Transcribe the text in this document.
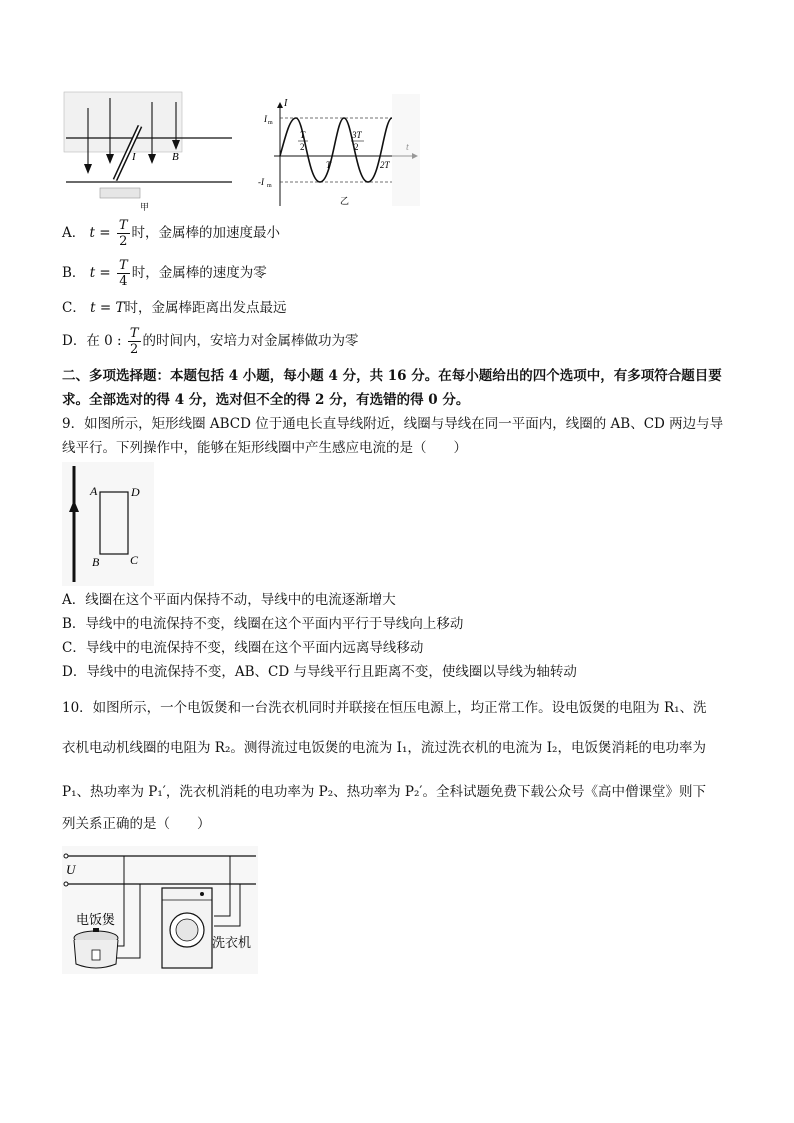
I	B
甲
I
I m
-I m
T
2
T
3T
2
2T
乙
A． $t = \frac{T}{2}$ 时，金属棒的加速度最小
B． $t = \frac{T}{4}$ 时，金属棒的速度为零
C． t = T时，金属棒距离出发点最远
D．在 0 : $\frac{T}{2}$ 的时间内，安培力对金属棒做功为零
二、多项选择题：本题包括 4 小题，每小题 4 分，共 16 分。在每小题给出的四个选项中，有多项符合题目要求。全部选对的得 4 分，选对但不全的得 2 分，有选错的得 0 分。
9．如图所示，矩形线圈 ABCD 位于通电长直导线附近，线圈与导线在同一平面内，线圈的 AB、CD 两边与导
线平行。下列操作中，能够在矩形线圈中产生感应电流的是（　　）
A	D
B	C
A．线圈在这个平面内保持不动，导线中的电流逐渐增大
B．导线中的电流保持不变，线圈在这个平面内平行于导线向上移动
C．导线中的电流保持不变，线圈在这个平面内远离导线移动
D．导线中的电流保持不变，AB、CD 与导线平行且距离不变，使线圈以导线为轴转动
10．如图所示，一个电饭煲和一台洗衣机同时并联接在恒压电源上，均正常工作。设电饭煲的电阻为 R₁、洗
衣机电动机线圈的电阻为 R₂。测得流过电饭煲的电流为 I₁，流过洗衣机的电流为 I₂，电饭煲消耗的电功率为
P₁、热功率为 P₁′，洗衣机消耗的电功率为 P₂、热功率为 P₂′。全科试题免费下载公众号《高中僧课堂》则下
列关系正确的是（　　）
U
电饭煲
洗衣机
